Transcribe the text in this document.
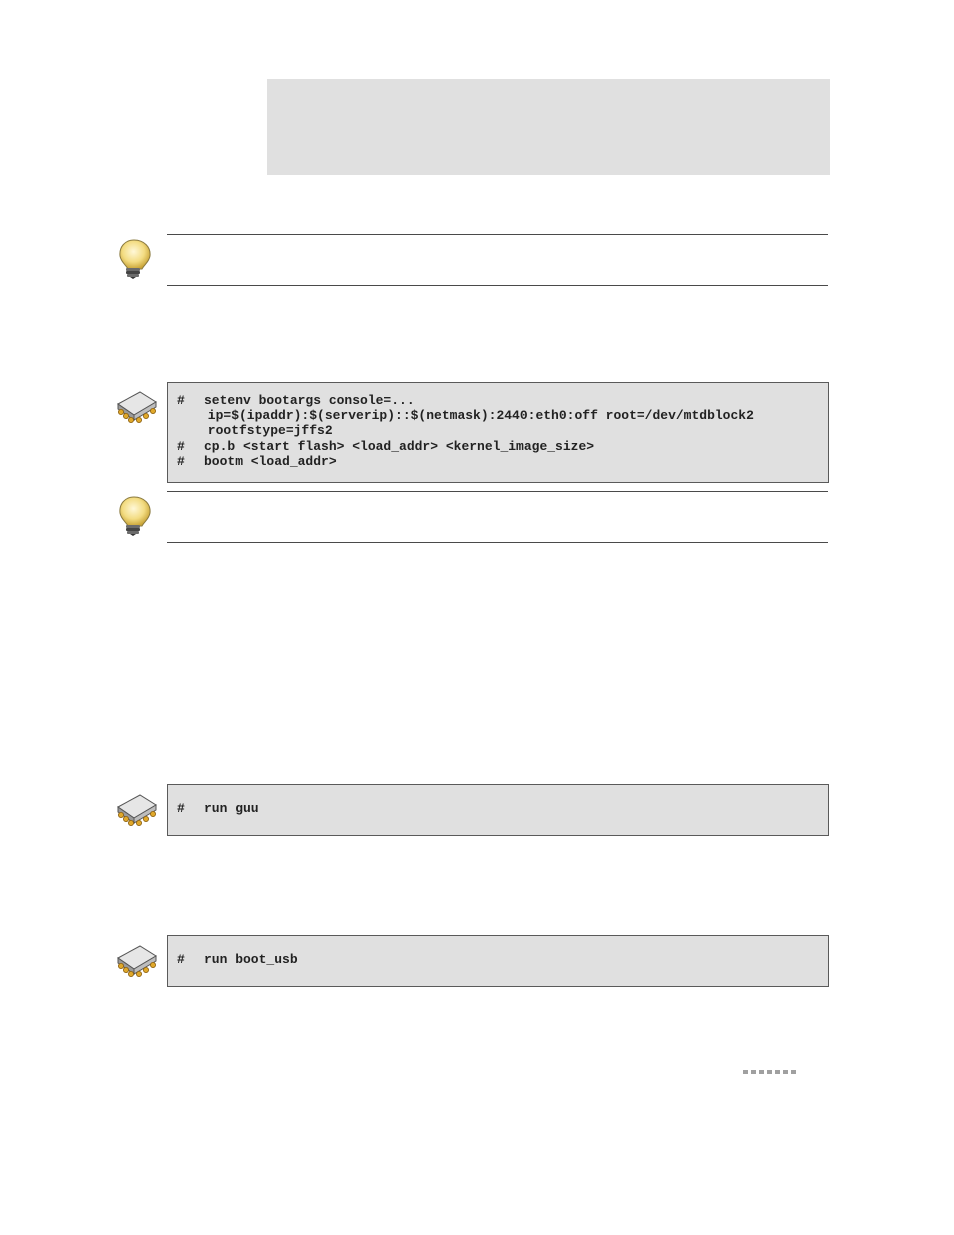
# setenv bootargs console=...
ip=$(ipaddr):$(serverip)::$(netmask):2440:eth0:off root=/dev/mtdblock2
rootfstype=jffs2
# cp.b <start flash> <load_addr> <kernel_image_size>
# bootm <load_addr>
# run guu
# run boot_usb
